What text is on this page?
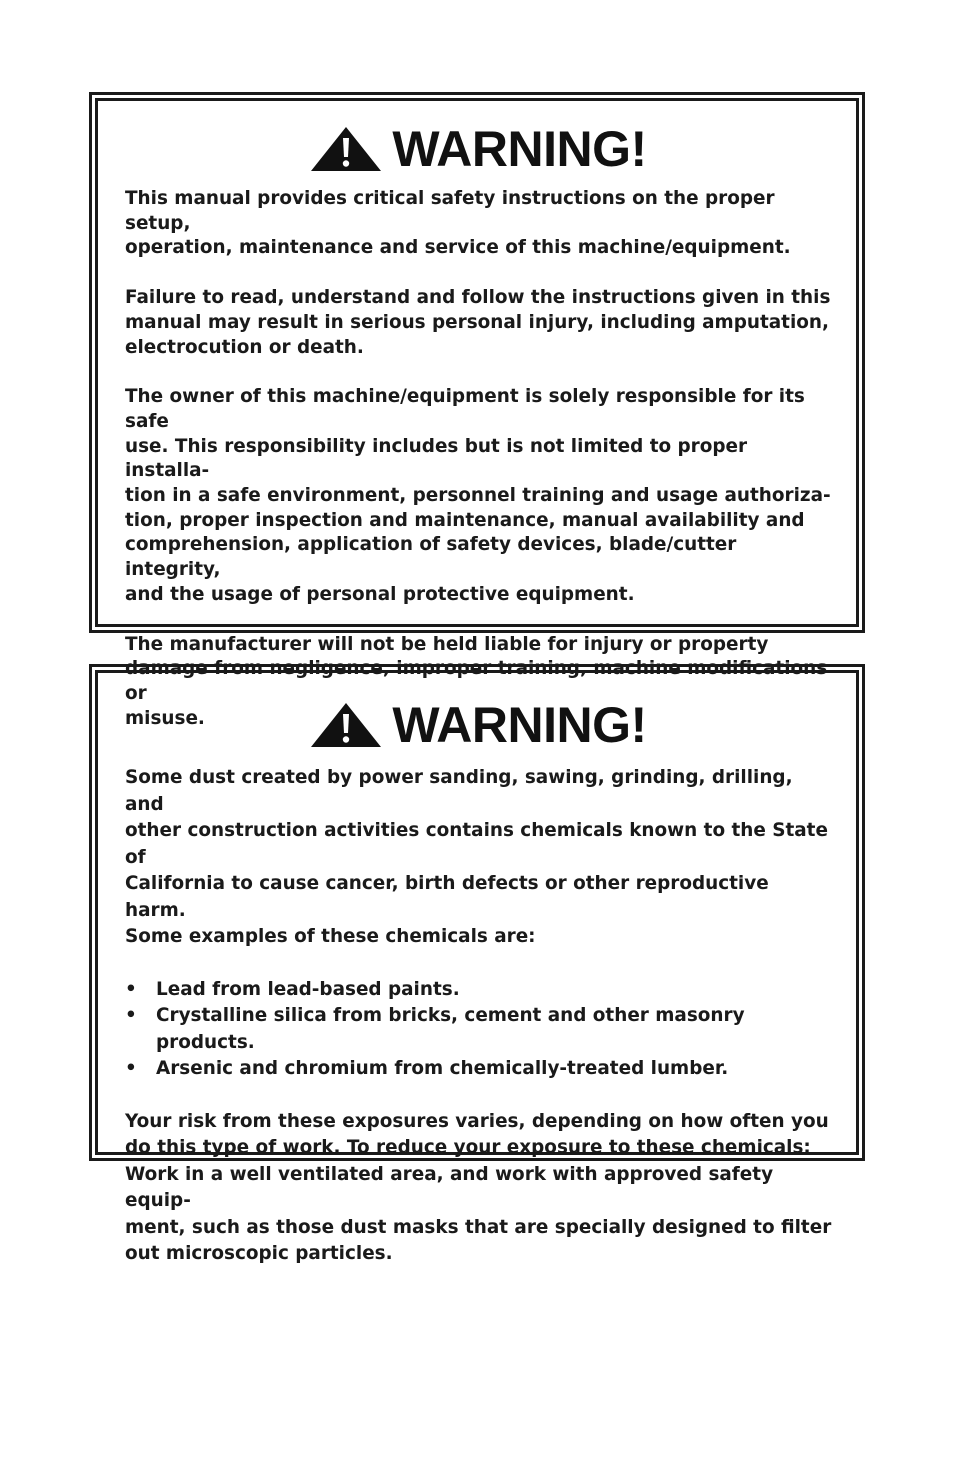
WARNING!

This manual provides critical safety instructions on the proper setup,
operation, maintenance and service of this machine/equipment.

Failure to read, understand and follow the instructions given in this
manual may result in serious personal injury, including amputation,
electrocution or death.

The owner of this machine/equipment is solely responsible for its safe
use. This responsibility includes but is not limited to proper installa-
tion in a safe environment, personnel training and usage authoriza-
tion, proper inspection and maintenance, manual availability and
comprehension, application of safety devices, blade/cutter integrity,
and the usage of personal protective equipment.

The manufacturer will not be held liable for injury or property
damage from negligence, improper training, machine modifications or
misuse.	WARNING!

Some dust created by power sanding, sawing, grinding, drilling, and
other construction activities contains chemicals known to the State of
California to cause cancer, birth defects or other reproductive harm.
Some examples of these chemicals are:

• Lead from lead-based paints.
• Crystalline silica from bricks, cement and other masonry products.
• Arsenic and chromium from chemically-treated lumber.

Your risk from these exposures varies, depending on how often you
do this type of work. To reduce your exposure to these chemicals:
Work in a well ventilated area, and work with approved safety equip-
ment, such as those dust masks that are specially designed to filter
out microscopic particles.
